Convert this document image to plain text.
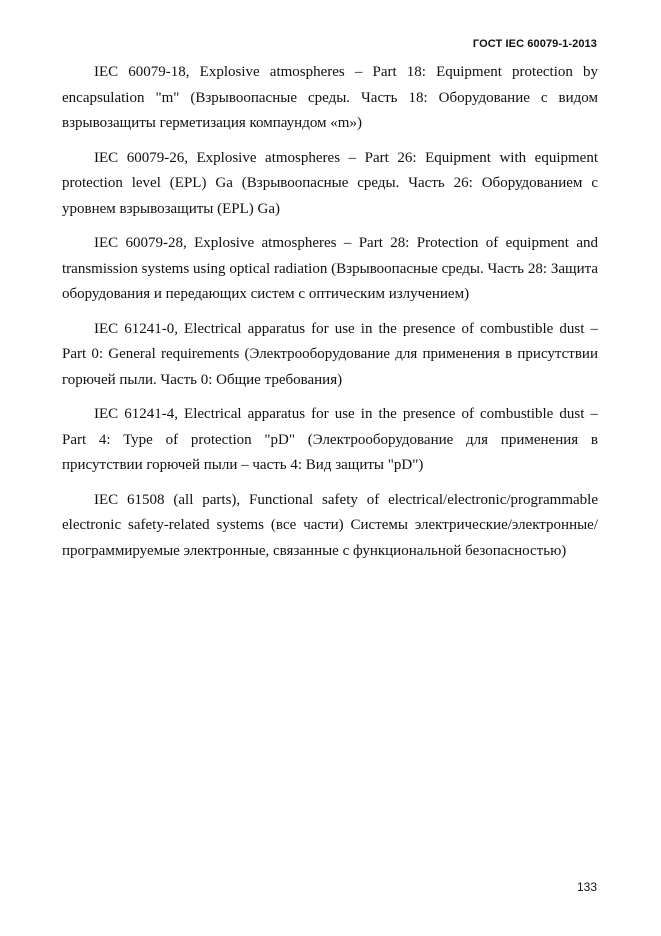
ГОСТ IEC 60079-1-2013

IEC 60079-18, Explosive atmospheres – Part 18: Equipment protection by encapsulation "m" (Взрывоопасные среды. Часть 18: Оборудование с видом взрывозащиты герметизация компаундом «m»)

IEC 60079-26, Explosive atmospheres – Part 26: Equipment with equipment protection level (EPL) Ga (Взрывоопасные среды. Часть 26: Оборудованием с уровнем взрывозащиты (EPL) Ga)

IEC 60079-28, Explosive atmospheres – Part 28: Protection of equipment and transmission systems using optical radiation (Взрывоопасные среды. Часть 28: Защита оборудования и передающих систем с оптическим излучением)

IEC 61241-0, Electrical apparatus for use in the presence of combustible dust – Part 0: General requirements (Электрооборудование для применения в присутствии горючей пыли. Часть 0: Общие требования)

IEC 61241-4, Electrical apparatus for use in the presence of combustible dust – Part 4: Type of protection "pD" (Электрооборудование для применения в присутствии горючей пыли – часть 4: Вид защиты "pD")

IEC 61508 (all parts), Functional safety of electrical/electronic/programmable electronic safety-related systems (все части) Системы электрические/электронные/программируемые электронные, связанные с функциональной безопасностью)

133
